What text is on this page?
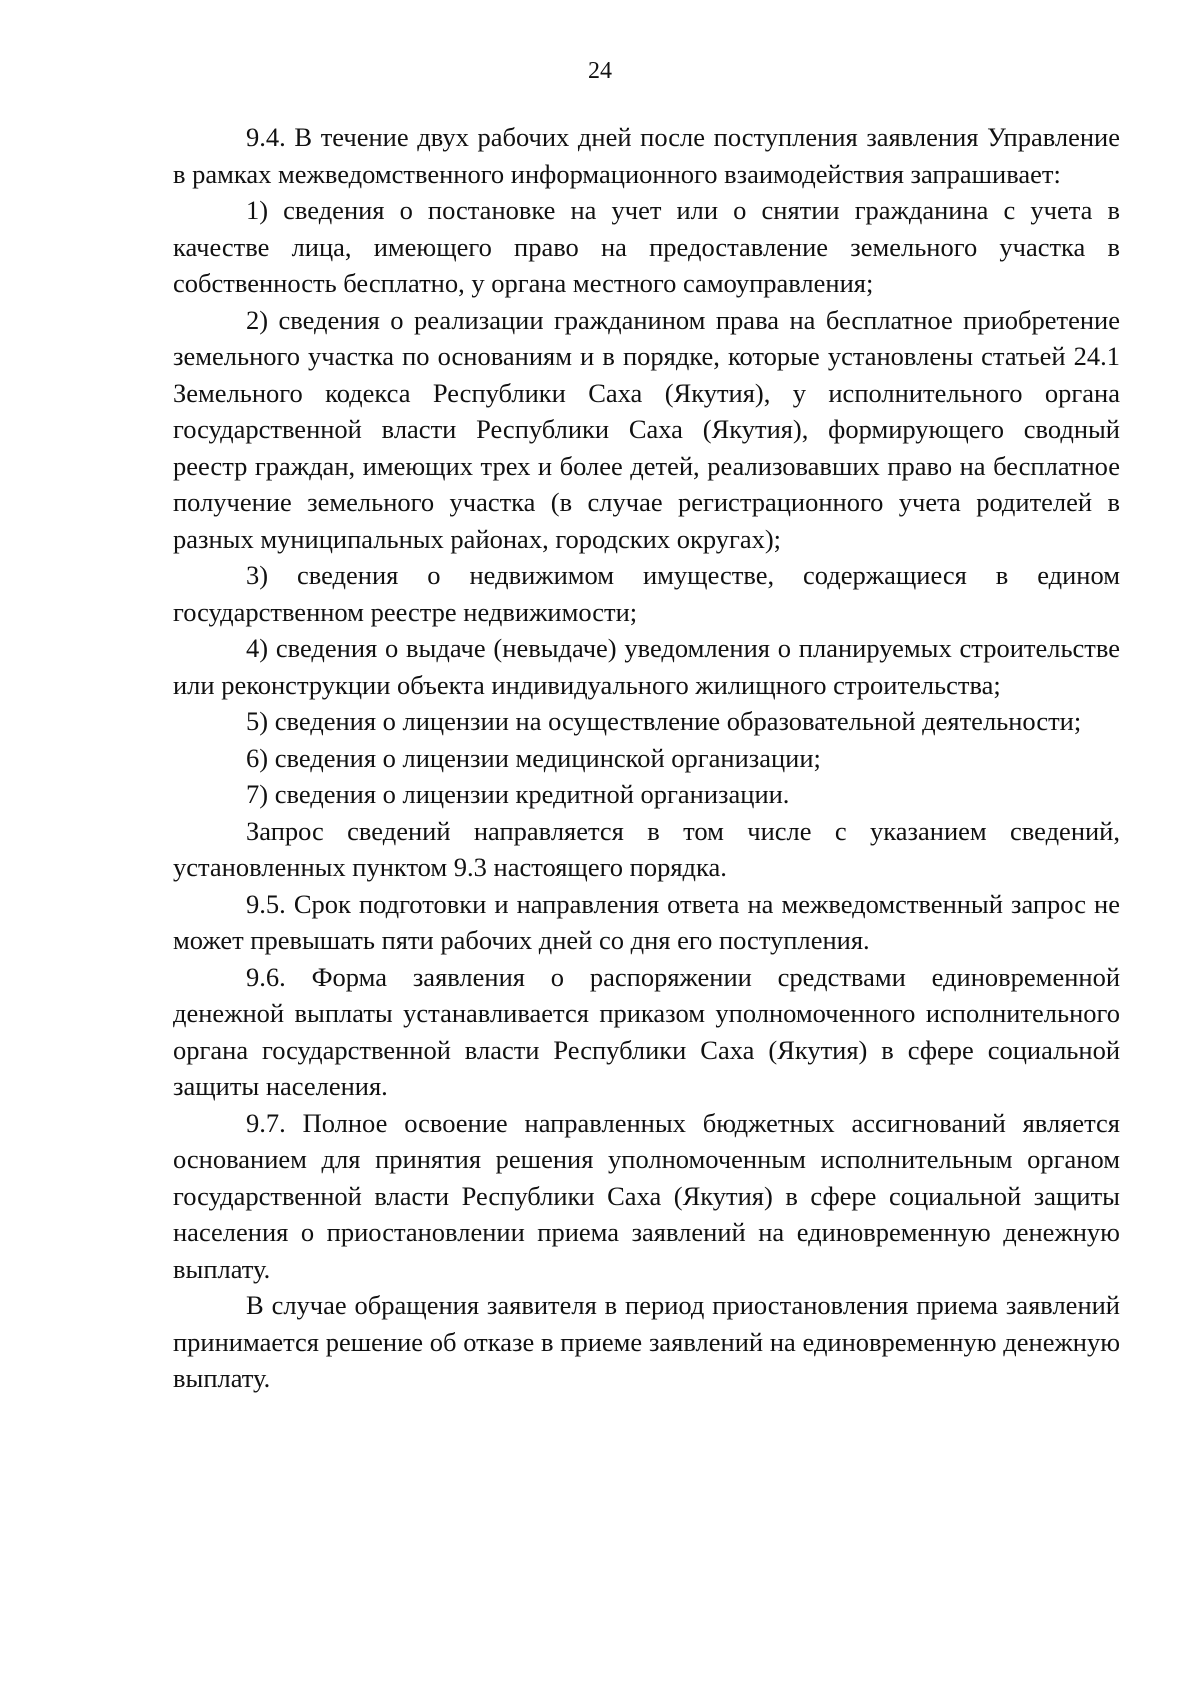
24

9.4. В течение двух рабочих дней после поступления заявления Управление в рамках межведомственного информационного взаимодействия запрашивает:

1) сведения о постановке на учет или о снятии гражданина с учета в качестве лица, имеющего право на предоставление земельного участка в собственность бесплатно, у органа местного самоуправления;

2) сведения о реализации гражданином права на бесплатное приобретение земельного участка по основаниям и в порядке, которые установлены статьей 24.1 Земельного кодекса Республики Саха (Якутия), у исполнительного органа государственной власти Республики Саха (Якутия), формирующего сводный реестр граждан, имеющих трех и более детей, реализовавших право на бесплатное получение земельного участка (в случае регистрационного учета родителей в разных муниципальных районах, городских округах);

3) сведения о недвижимом имуществе, содержащиеся в едином государственном реестре недвижимости;

4) сведения о выдаче (невыдаче) уведомления о планируемых строительстве или реконструкции объекта индивидуального жилищного строительства;

5) сведения о лицензии на осуществление образовательной деятельности;

6) сведения о лицензии медицинской организации;

7) сведения о лицензии кредитной организации.

Запрос сведений направляется в том числе с указанием сведений, установленных пунктом 9.3 настоящего порядка.

9.5. Срок подготовки и направления ответа на межведомственный запрос не может превышать пяти рабочих дней со дня его поступления.

9.6. Форма заявления о распоряжении средствами единовременной денежной выплаты устанавливается приказом уполномоченного исполнительного органа государственной власти Республики Саха (Якутия) в сфере социальной защиты населения.

9.7. Полное освоение направленных бюджетных ассигнований является основанием для принятия решения уполномоченным исполнительным органом государственной власти Республики Саха (Якутия) в сфере социальной защиты населения о приостановлении приема заявлений на единовременную денежную выплату.

В случае обращения заявителя в период приостановления приема заявлений принимается решение об отказе в приеме заявлений на единовременную денежную выплату.
